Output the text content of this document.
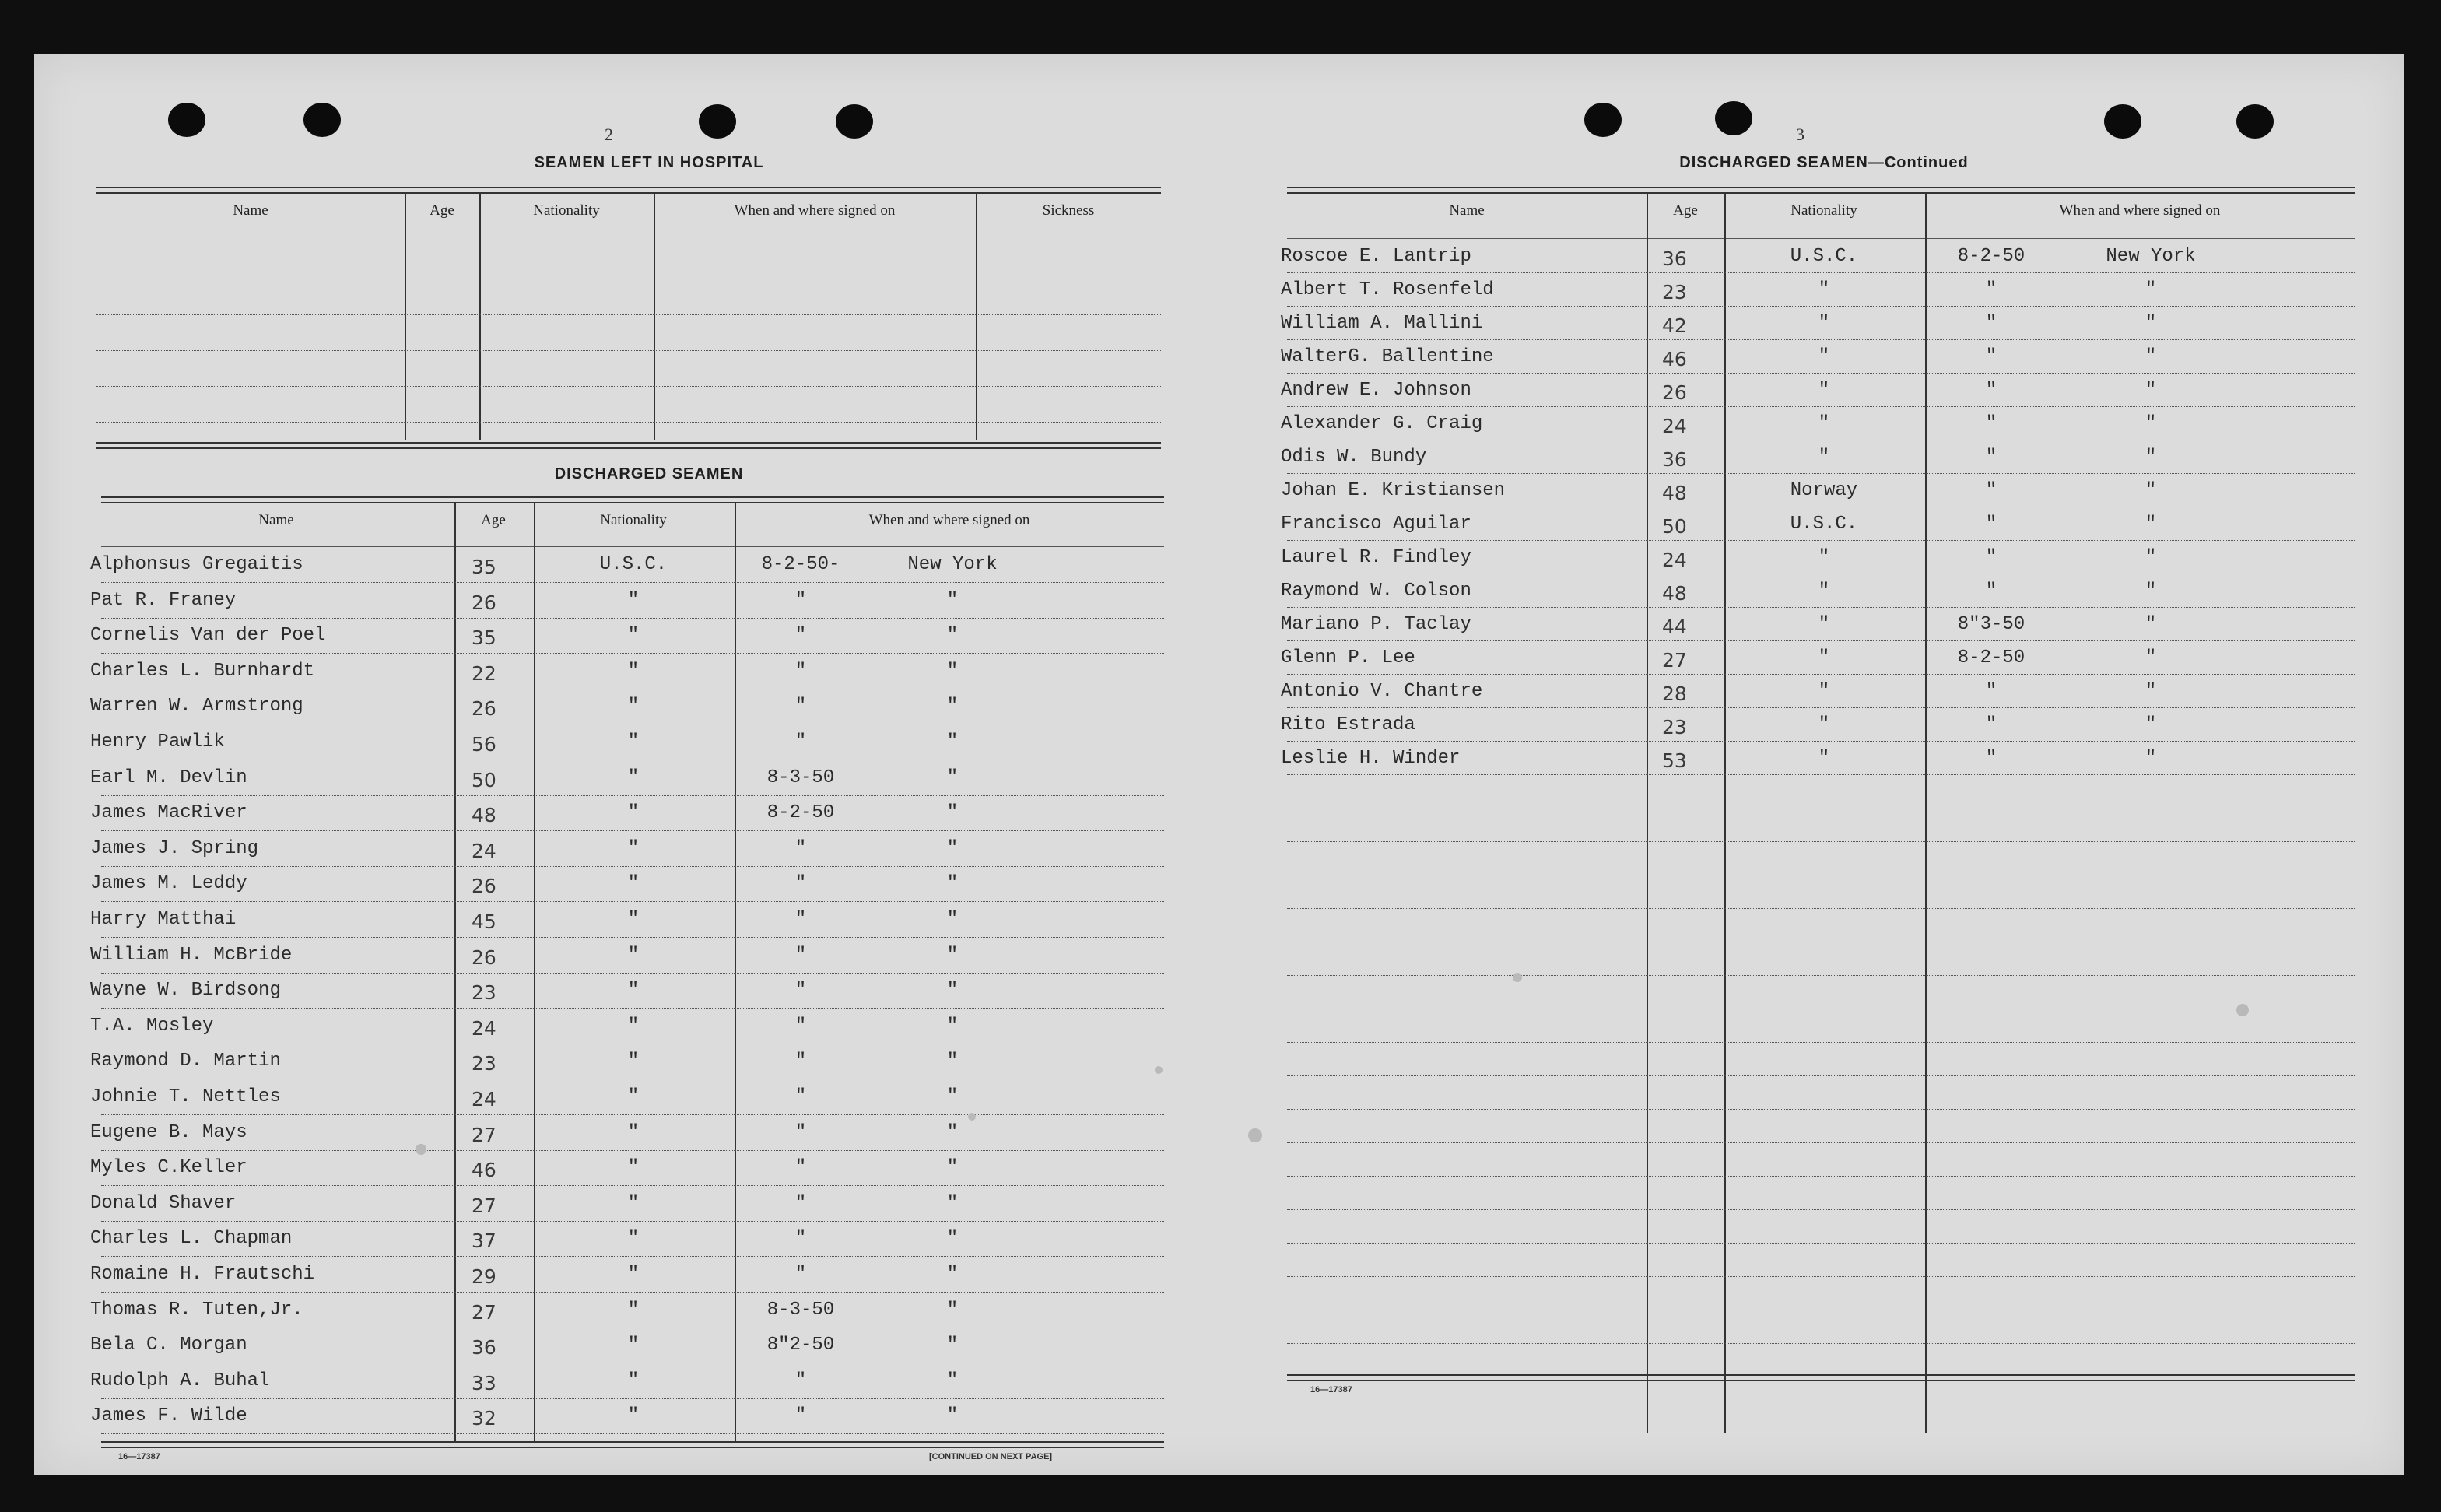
2
SEAMEN LEFT IN HOSPITAL
Name	Age	Nationality	When and where signed on	Sickness
DISCHARGED SEAMEN
Name	Age	Nationality	When and where signed on
Alphonsus Gregaitis	35	U.S.C.	8-2-50-	New York
Pat R. Franey	26	"	"	"
Cornelis Van der Poel	35	"	"	"
Charles L. Burnhardt	22	"	"	"
Warren W. Armstrong	26	"	"	"
Henry Pawlik	56	"	"	"
Earl M. Devlin	50	"	8-3-50	"
James MacRiver	48	"	8-2-50	"
James J. Spring	24	"	"	"
James M. Leddy	26	"	"	"
Harry Matthai	45	"	"	"
William H. McBride	26	"	"	"
Wayne W. Birdsong	23	"	"	"
T.A. Mosley	24	"	"	"
Raymond D. Martin	23	"	"	"
Johnie T. Nettles	24	"	"	"
Eugene B. Mays	27	"	"	"
Myles C.Keller	46	"	"	"
Donald Shaver	27	"	"	"
Charles L. Chapman	37	"	"	"
Romaine H. Frautschi	29	"	"	"
Thomas R. Tuten,Jr.	27	"	8-3-50	"
Bela C. Morgan	36	"	8"2-50	"
Rudolph A. Buhal	33	"	"	"
James F. Wilde	32	"	"	"
16—17387	[CONTINUED ON NEXT PAGE]
3
DISCHARGED SEAMEN—Continued
Name	Age	Nationality	When and where signed on
Roscoe E. Lantrip	36	U.S.C.	8-2-50	New York
Albert T. Rosenfeld	23	"	"	"
William A. Mallini	42	"	"	"
WalterG. Ballentine	46	"	"	"
Andrew E. Johnson	26	"	"	"
Alexander G. Craig	24	"	"	"
Odis W. Bundy	36	"	"	"
Johan E. Kristiansen	48	Norway	"	"
Francisco Aguilar	50	U.S.C.	"	"
Laurel R. Findley	24	"	"	"
Raymond W. Colson	48	"	"	"
Mariano P. Taclay	44	"	8"3-50	"
Glenn P. Lee	27	"	8-2-50	"
Antonio V. Chantre	28	"	"	"
Rito Estrada	23	"	"	"
Leslie H. Winder	53	"	"	"
16—17387
